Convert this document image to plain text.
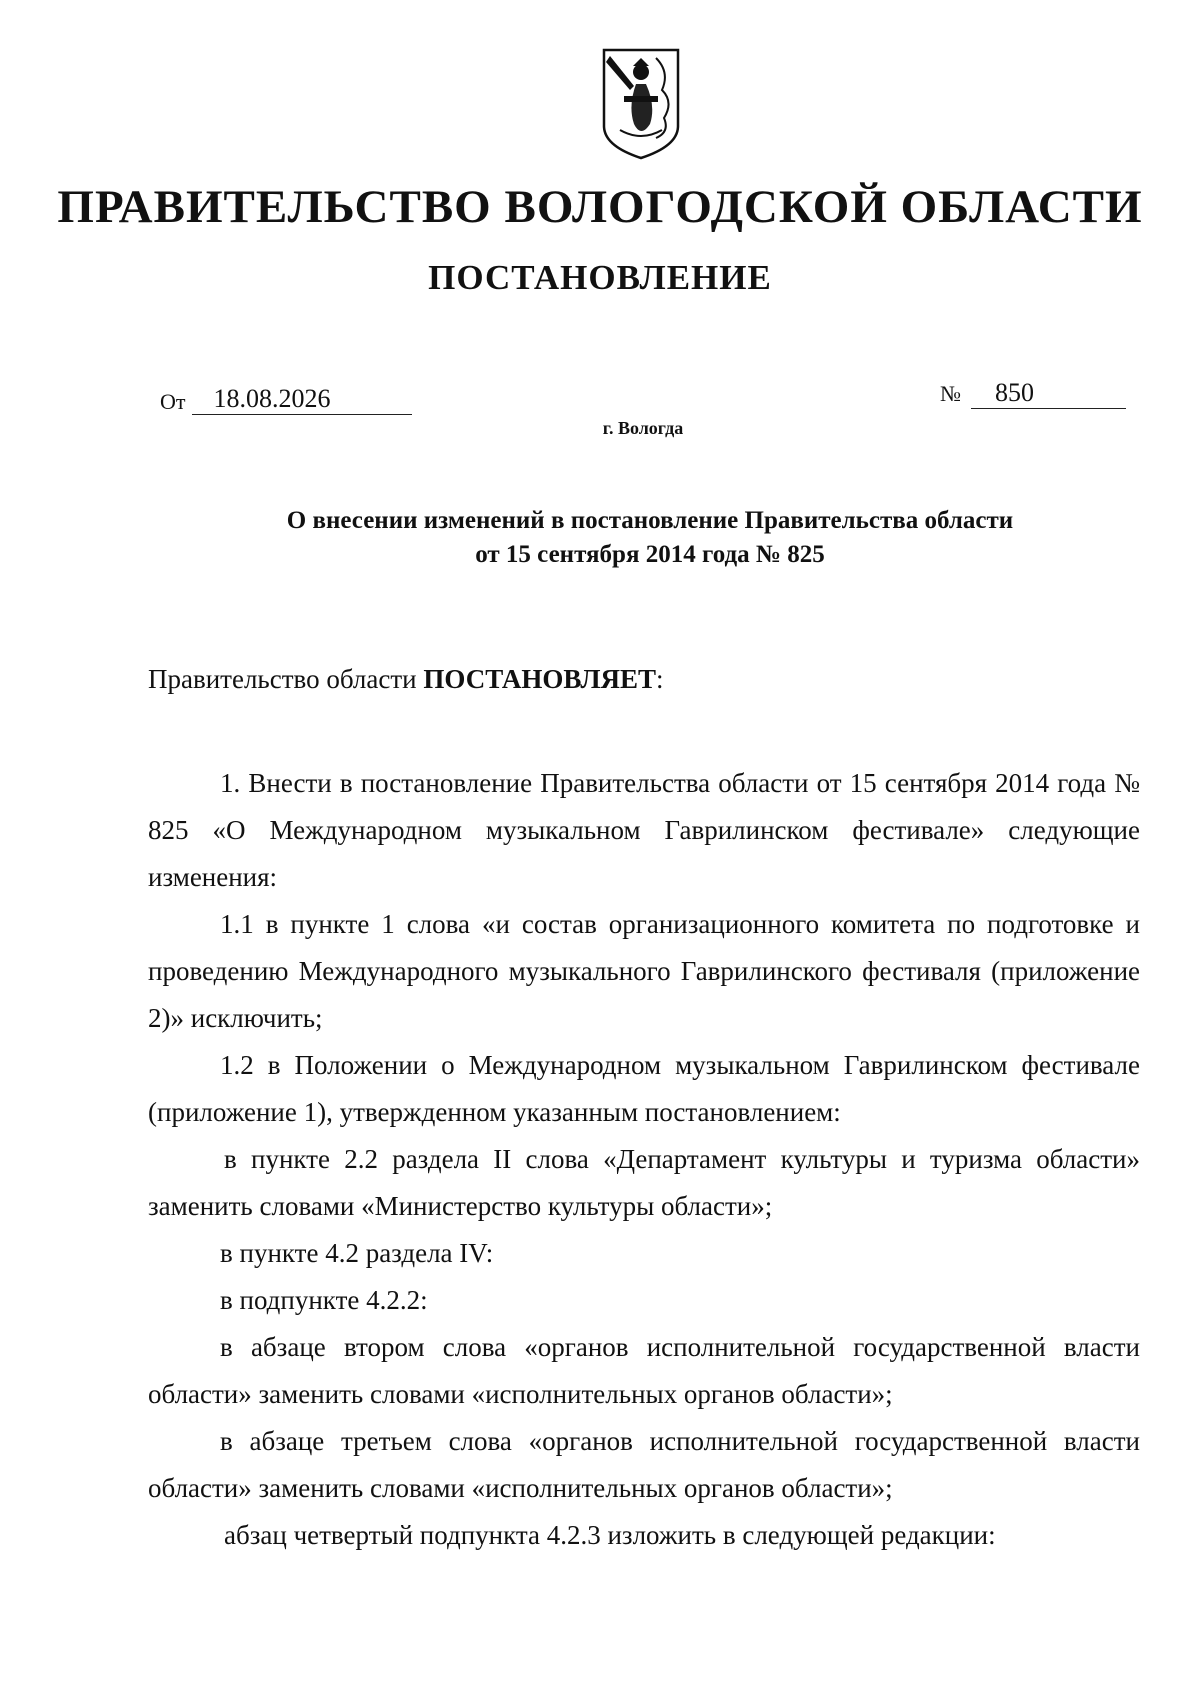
ПРАВИТЕЛЬСТВО ВОЛОГОДСКОЙ ОБЛАСТИ
ПОСТАНОВЛЕНИЕ
От 18.08.2026	№ 850
г. Вологда
О внесении изменений в постановление Правительства области
от 15 сентября 2014 года № 825
Правительство области ПОСТАНОВЛЯЕТ:

1. Внести в постановление Правительства области от 15 сентября 2014 года № 825 «О Международном музыкальном Гаврилинском фестивале» следующие изменения:

1.1 в пункте 1 слова «и состав организационного комитета по подготовке и проведению Международного музыкального Гаврилинского фестиваля (приложение 2)» исключить;

1.2 в Положении о Международном музыкальном Гаврилинском фестивале (приложение 1), утвержденном указанным постановлением:

в пункте 2.2 раздела II слова «Департамент культуры и туризма области» заменить словами «Министерство культуры области»;

в пункте 4.2 раздела IV:

в подпункте 4.2.2:

в абзаце втором слова «органов исполнительной государственной власти области» заменить словами «исполнительных органов области»;

в абзаце третьем слова «органов исполнительной государственной власти области» заменить словами «исполнительных органов области»;

абзац четвертый подпункта 4.2.3 изложить в следующей редакции:
